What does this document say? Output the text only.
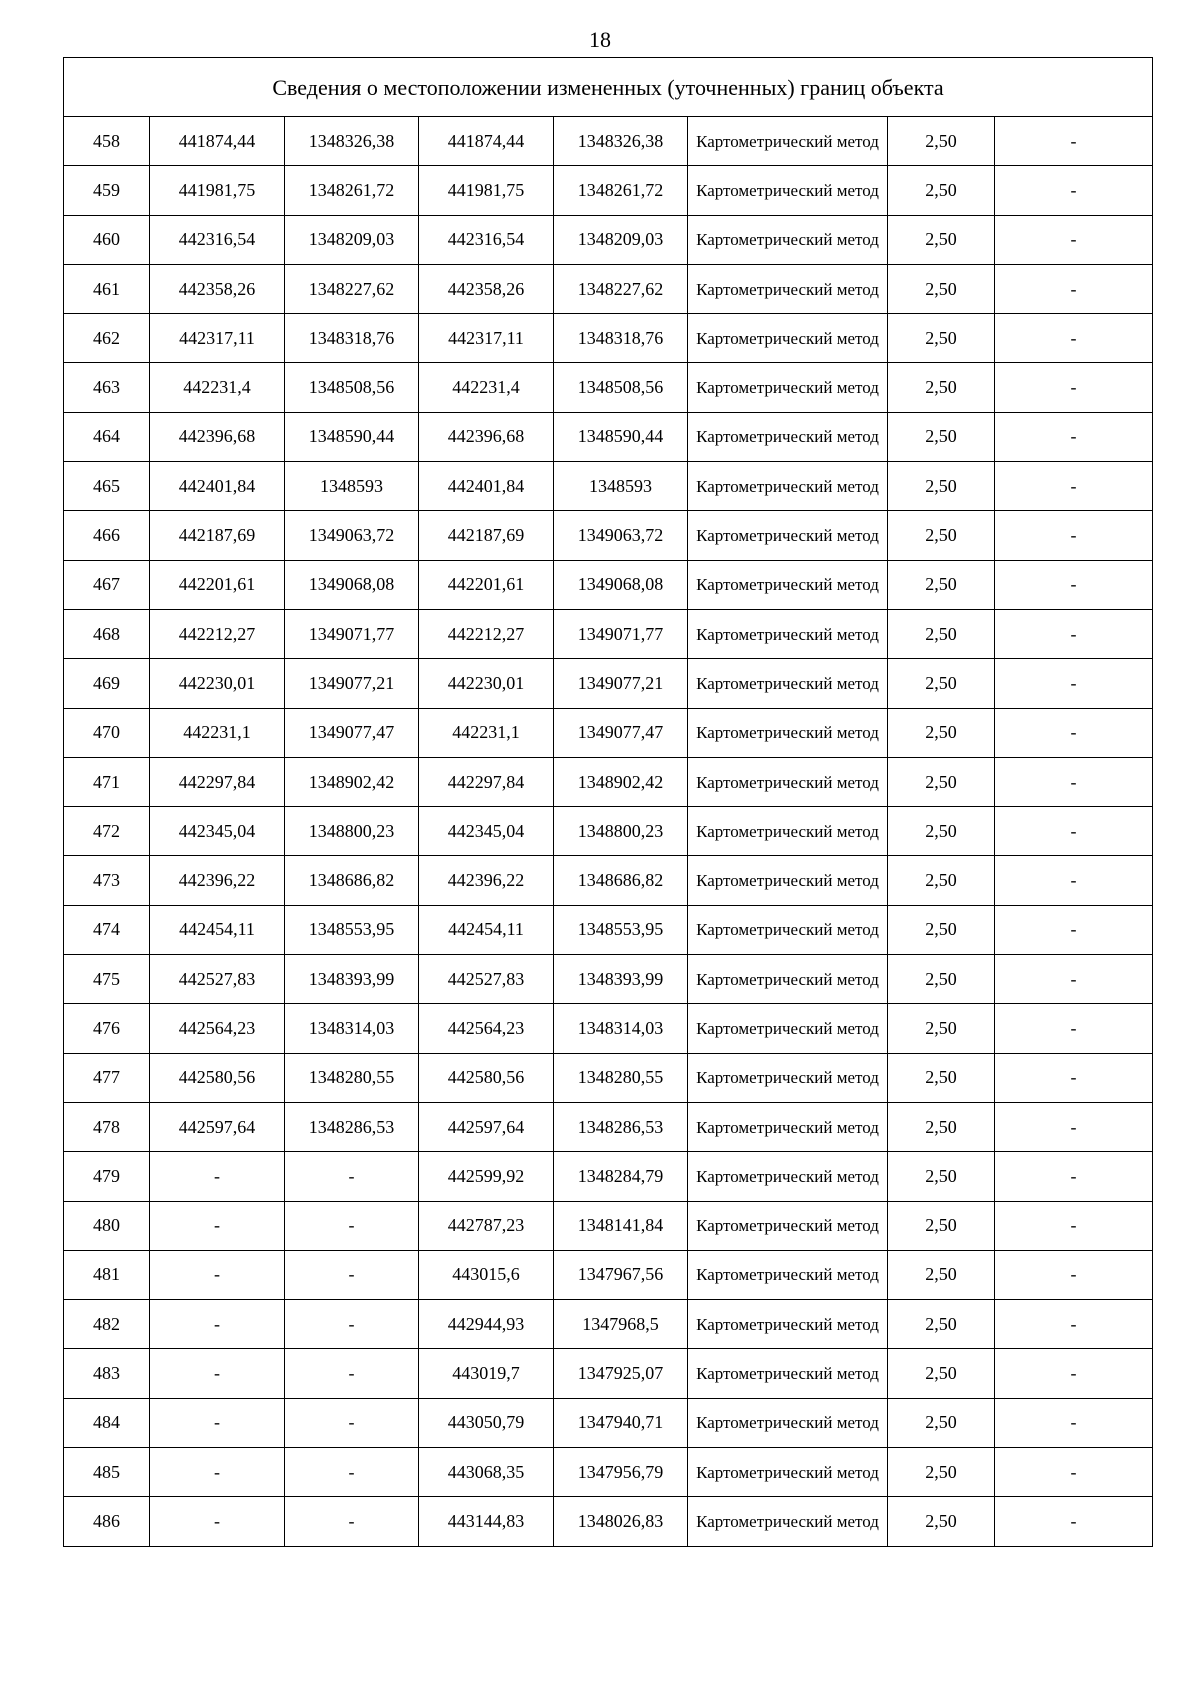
18
Сведения о местоположении измененных (уточненных) границ объекта							
458	441874,44	1348326,38	441874,44	1348326,38	Картометрический метод	2,50	-
459	441981,75	1348261,72	441981,75	1348261,72	Картометрический метод	2,50	-
460	442316,54	1348209,03	442316,54	1348209,03	Картометрический метод	2,50	-
461	442358,26	1348227,62	442358,26	1348227,62	Картометрический метод	2,50	-
462	442317,11	1348318,76	442317,11	1348318,76	Картометрический метод	2,50	-
463	442231,4	1348508,56	442231,4	1348508,56	Картометрический метод	2,50	-
464	442396,68	1348590,44	442396,68	1348590,44	Картометрический метод	2,50	-
465	442401,84	1348593	442401,84	1348593	Картометрический метод	2,50	-
466	442187,69	1349063,72	442187,69	1349063,72	Картометрический метод	2,50	-
467	442201,61	1349068,08	442201,61	1349068,08	Картометрический метод	2,50	-
468	442212,27	1349071,77	442212,27	1349071,77	Картометрический метод	2,50	-
469	442230,01	1349077,21	442230,01	1349077,21	Картометрический метод	2,50	-
470	442231,1	1349077,47	442231,1	1349077,47	Картометрический метод	2,50	-
471	442297,84	1348902,42	442297,84	1348902,42	Картометрический метод	2,50	-
472	442345,04	1348800,23	442345,04	1348800,23	Картометрический метод	2,50	-
473	442396,22	1348686,82	442396,22	1348686,82	Картометрический метод	2,50	-
474	442454,11	1348553,95	442454,11	1348553,95	Картометрический метод	2,50	-
475	442527,83	1348393,99	442527,83	1348393,99	Картометрический метод	2,50	-
476	442564,23	1348314,03	442564,23	1348314,03	Картометрический метод	2,50	-
477	442580,56	1348280,55	442580,56	1348280,55	Картометрический метод	2,50	-
478	442597,64	1348286,53	442597,64	1348286,53	Картометрический метод	2,50	-
479	-	-	442599,92	1348284,79	Картометрический метод	2,50	-
480	-	-	442787,23	1348141,84	Картометрический метод	2,50	-
481	-	-	443015,6	1347967,56	Картометрический метод	2,50	-
482	-	-	442944,93	1347968,5	Картометрический метод	2,50	-
483	-	-	443019,7	1347925,07	Картометрический метод	2,50	-
484	-	-	443050,79	1347940,71	Картометрический метод	2,50	-
485	-	-	443068,35	1347956,79	Картометрический метод	2,50	-
486	-	-	443144,83	1348026,83	Картометрический метод	2,50	-
